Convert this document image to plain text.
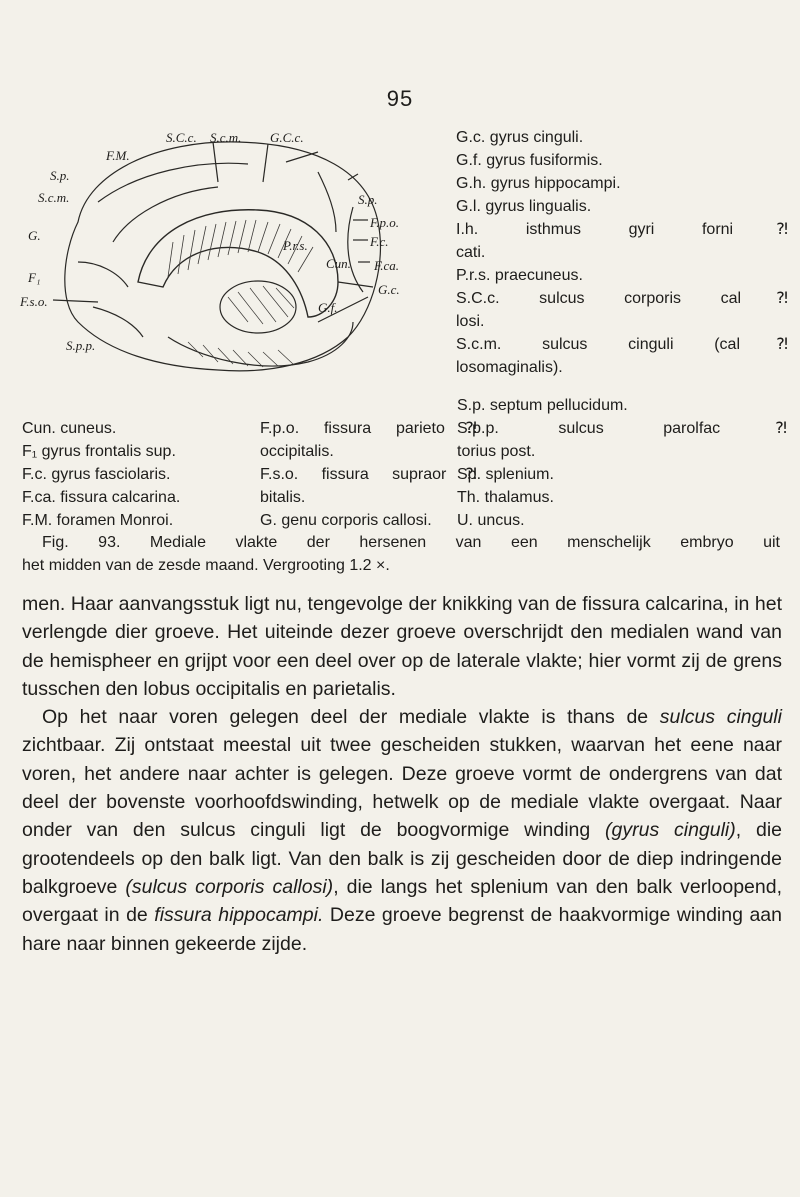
95
S.C.c. S.c.m. G.C.c.
F.M.
S.p.
S.c.m.
G.
F₁
F.s.o.
S.p.p.
S.p.
P.r.s.
F.p.o.
F.c.
Cun. F.ca.
G.c.
G.f.
G.c. gyrus cinguli.
G.f. gyrus fusiformis.
G.h. gyrus hippocampi.
G.l. gyrus lingualis.
I.h.	isthmus gyri forni⁈
cati.
P.r.s. praecuneus.
S.C.c. sulcus corporis cal⁈
losi.
S.c.m.	sulcus cinguli (cal⁈
losomaginalis).
Cun. cuneus.
F₁ gyrus frontalis sup.
F.c. gyrus fasciolaris.
F.ca. fissura calcarina.
F.M. foramen Monroi.
F.p.o. fissura parieto⁈
occipitalis.
F.s.o. fissura supraor⁈
bitalis.
G. genu corporis callosi.
S.p. septum pellucidum.
S.p.p. sulcus parolfac⁈
torius post.
Sp. splenium.
Th. thalamus.
U. uncus.
Fig. 93. Mediale vlakte der hersenen van een menschelijk embryo uit
het midden van de zesde maand. Vergrooting 1.2 ×.

men. Haar aanvangsstuk ligt nu, tengevolge der knikking van de fissura calcarina, in het verlengde dier groeve. Het uiteinde dezer groeve overschrijdt den medialen wand van de hemispheer en grijpt voor een deel over op de laterale vlakte; hier vormt zij de grens tusschen den lobus occipitalis en parietalis.

Op het naar voren gelegen deel der mediale vlakte is thans de sulcus cinguli zichtbaar. Zij ontstaat meestal uit twee gescheiden stukken, waarvan het eene naar voren, het andere naar achter is gelegen. Deze groeve vormt de ondergrens van dat deel der bovenste voorhoofdswinding, hetwelk op de mediale vlakte overgaat. Naar onder van den sulcus cinguli ligt de boogvormige winding (gyrus cinguli), die grootendeels op den balk ligt. Van den balk is zij gescheiden door de diep indringende balkgroeve (sulcus corporis callosi), die langs het splenium van den balk verloopend, overgaat in de fissura hippocampi. Deze groeve begrenst de haakvormige winding aan hare naar binnen gekeerde zijde.
